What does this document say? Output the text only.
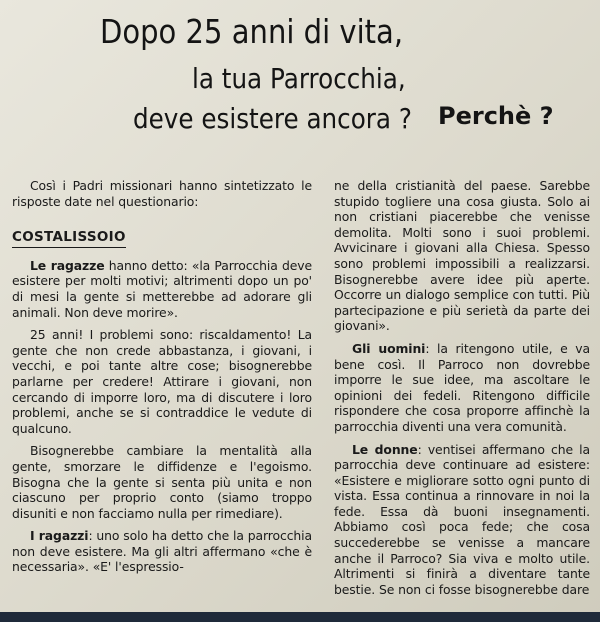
Dopo 25 anni di vita,
la tua Parrocchia,
deve esistere ancora ? Perchè ?

Così i Padri missionari hanno sintetizzato le risposte date nel questionario:

COSTALISSOIO

Le ragazze hanno detto: «la Parrocchia deve esistere per molti motivi; altrimenti dopo un po' di mesi la gente si metterebbe ad adorare gli animali. Non deve morire».

25 anni! I problemi sono: riscaldamento! La gente che non crede abbastanza, i giovani, i vecchi, e poi tante altre cose; bisognerebbe parlarne per credere! Attirare i giovani, non cercando di imporre loro, ma di discutere i loro problemi, anche se si contraddice le vedute di qualcuno.

Bisognerebbe cambiare la mentalità alla gente, smorzare le diffidenze e l'egoismo. Bisogna che la gente si senta più unita e non ciascuno per proprio conto (siamo troppo disuniti e non facciamo nulla per rimediare).

I ragazzi: uno solo ha detto che la parrocchia non deve esistere. Ma gli altri affermano «che è necessaria». «E' l'espressio-

ne della cristianità del paese. Sarebbe stupido togliere una cosa giusta. Solo ai non cristiani piacerebbe che venisse demolita. Molti sono i suoi problemi. Avvicinare i giovani alla Chiesa. Spesso sono problemi impossibili a realizzarsi. Bisognerebbe avere idee più aperte. Occorre un dialogo semplice con tutti. Più partecipazione e più serietà da parte dei giovani».

Gli uomini: la ritengono utile, e va bene così. Il Parroco non dovrebbe imporre le sue idee, ma ascoltare le opinioni dei fedeli. Ritengono difficile rispondere che cosa proporre affinchè la parrocchia diventi una vera comunità.

Le donne: ventisei affermano che la parrocchia deve continuare ad esistere: «Esistere e migliorare sotto ogni punto di vista. Essa continua a rinnovare in noi la fede. Essa dà buoni insegnamenti. Abbiamo così poca fede; che cosa succederebbe se venisse a mancare anche il Parroco? Sia viva e molto utile. Altrimenti si finirà a diventare tante bestie. Se non ci fosse bisognerebbe dare
